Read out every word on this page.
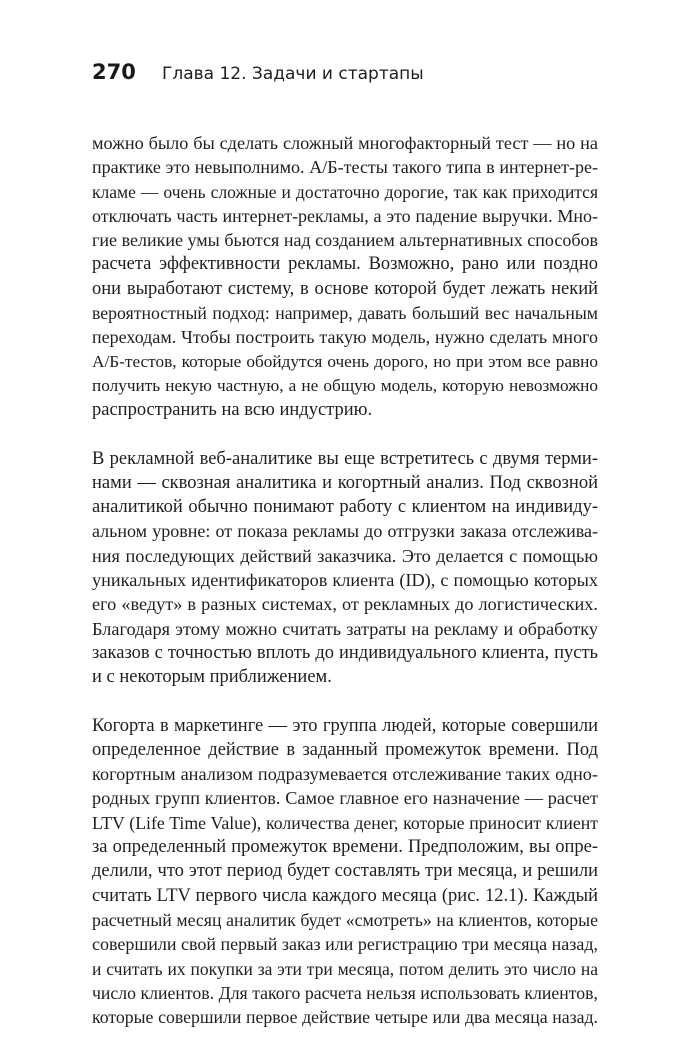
270	Глава 12. Задачи и стартапы
можно было бы сделать сложный многофакторный тест — но на
практике это невыполнимо. А/Б-тесты такого типа в интернет-ре-
кламе — очень сложные и достаточно дорогие, так как приходится
отключать часть интернет-рекламы, а это падение выручки. Мно-
гие великие умы бьются над созданием альтернативных способов
расчета эффективности рекламы. Возможно, рано или поздно
они выработают систему, в основе которой будет лежать некий
вероятностный подход: например, давать больший вес начальным
переходам. Чтобы построить такую модель, нужно сделать много
А/Б-тестов, которые обойдутся очень дорого, но при этом все равно
получить некую частную, а не общую модель, которую невозможно
распространить на всю индустрию.
В рекламной веб-аналитике вы еще встретитесь с двумя терми-
нами — сквозная аналитика и когортный анализ. Под сквозной
аналитикой обычно понимают работу с клиентом на индивиду-
альном уровне: от показа рекламы до отгрузки заказа отслежива-
ния последующих действий заказчика. Это делается с помощью
уникальных идентификаторов клиента (ID), с помощью которых
его «ведут» в разных системах, от рекламных до логистических.
Благодаря этому можно считать затраты на рекламу и обработку
заказов с точностью вплоть до индивидуального клиента, пусть
и с некоторым приближением.
Когорта в маркетинге — это группа людей, которые совершили
определенное действие в заданный промежуток времени. Под
когортным анализом подразумевается отслеживание таких одно-
родных групп клиентов. Самое главное его назначение — расчет
LTV (Life Time Value), количества денег, которые приносит клиент
за определенный промежуток времени. Предположим, вы опре-
делили, что этот период будет составлять три месяца, и решили
считать LTV первого числа каждого месяца (рис. 12.1). Каждый
расчетный месяц аналитик будет «смотреть» на клиентов, которые
совершили свой первый заказ или регистрацию три месяца назад,
и считать их покупки за эти три месяца, потом делить это число на
число клиентов. Для такого расчета нельзя использовать клиентов,
которые совершили первое действие четыре или два месяца назад.
